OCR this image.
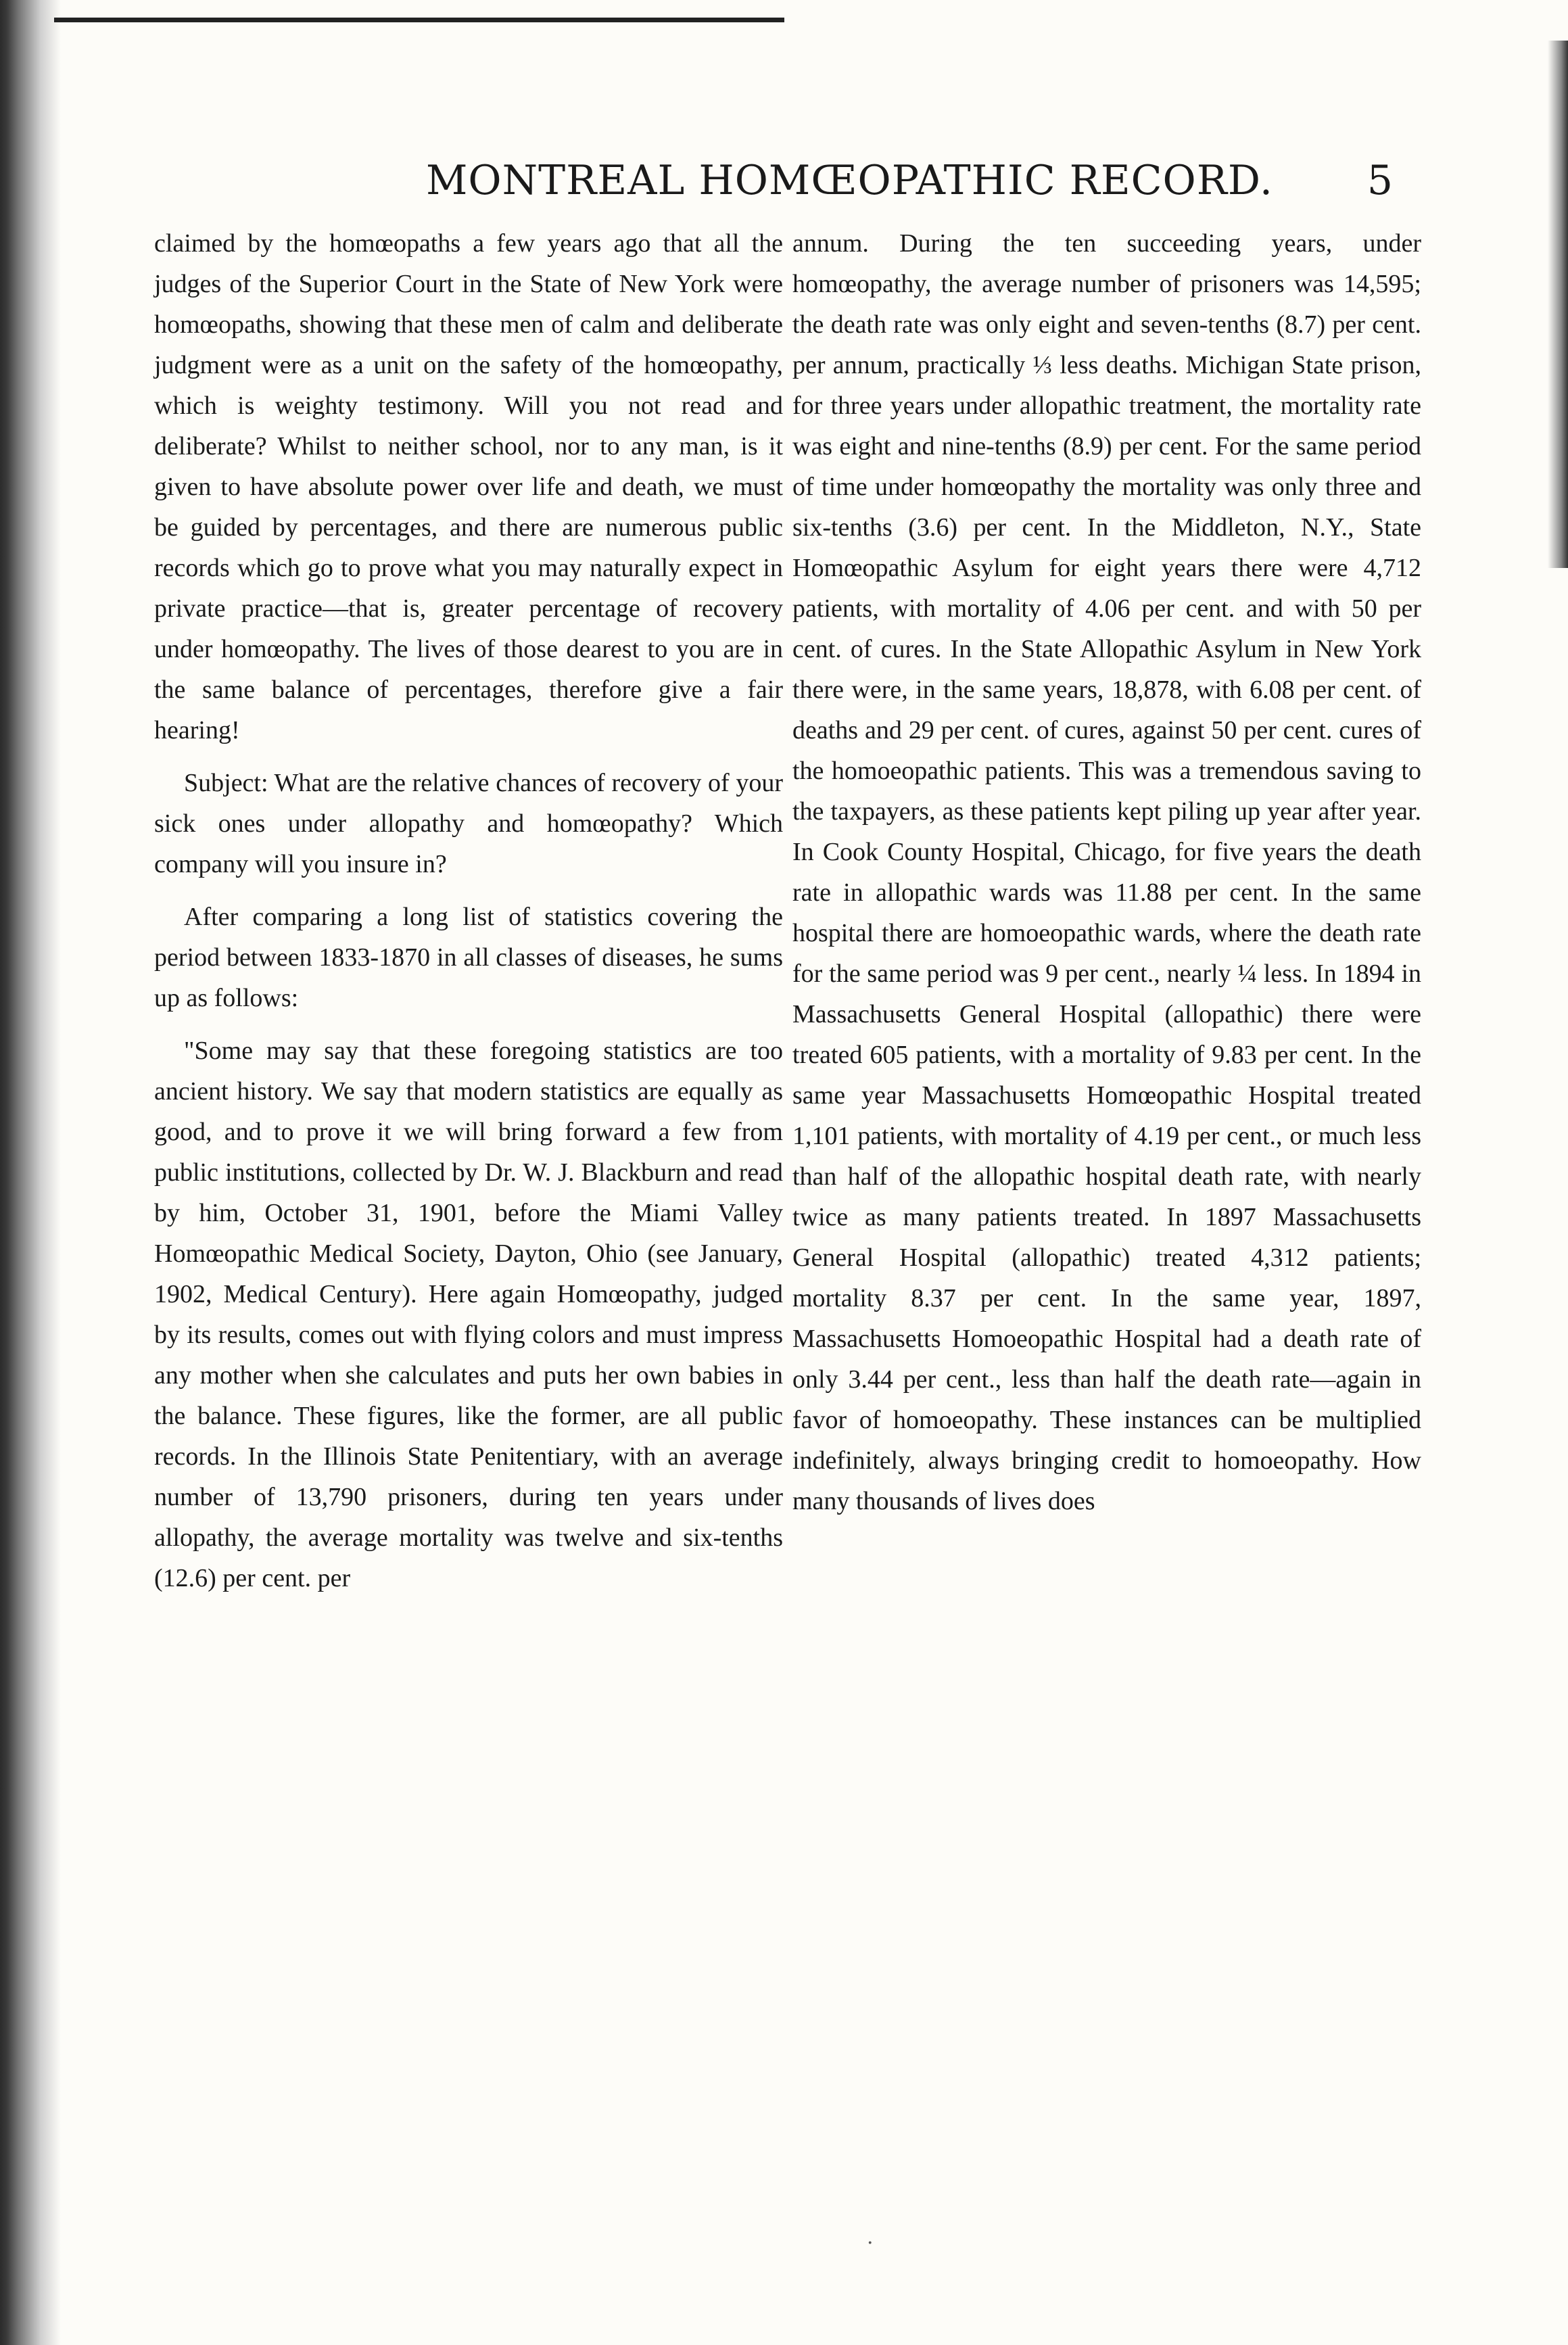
MONTREAL HOMŒOPATHIC RECORD. 5

claimed by the homœopaths a few years ago that all the judges of the Superior Court in the State of New York were homœopaths, showing that these men of calm and deliberate judgment were as a unit on the safety of the homœopathy, which is weighty testimony. Will you not read and deliberate? Whilst to neither school, nor to any man, is it given to have absolute power over life and death, we must be guided by percentages, and there are numerous public records which go to prove what you may naturally expect in private practice—that is, greater percentage of recovery under homœopathy. The lives of those dearest to you are in the same balance of percentages, therefore give a fair hearing!

Subject: What are the relative chances of recovery of your sick ones under allopathy and homœopathy? Which company will you insure in?

After comparing a long list of statistics covering the period between 1833-1870 in all classes of diseases, he sums up as follows:

"Some may say that these foregoing statistics are too ancient history. We say that modern statistics are equally as good, and to prove it we will bring forward a few from public institutions, collected by Dr. W. J. Blackburn and read by him, October 31, 1901, before the Miami Valley Homœopathic Medical Society, Dayton, Ohio (see January, 1902, Medical Century). Here again Homœopathy, judged by its results, comes out with flying colors and must impress any mother when she calculates and puts her own babies in the balance. These figures, like the former, are all public records. In the Illinois State Penitentiary, with an average number of 13,790 prisoners, during ten years under allopathy, the average mortality was twelve and six-tenths (12.6) per cent. per

annum. During the ten succeeding years, under homœopathy, the average number of prisoners was 14,595; the death rate was only eight and seven-tenths (8.7) per cent. per annum, practically ⅓ less deaths. Michigan State prison, for three years under allopathic treatment, the mortality rate was eight and nine-tenths (8.9) per cent. For the same period of time under homœopathy the mortality was only three and six-tenths (3.6) per cent. In the Middleton, N.Y., State Homœopathic Asylum for eight years there were 4,712 patients, with mortality of 4.06 per cent. and with 50 per cent. of cures. In the State Allopathic Asylum in New York there were, in the same years, 18,878, with 6.08 per cent. of deaths and 29 per cent. of cures, against 50 per cent. cures of the homoeopathic patients. This was a tremendous saving to the taxpayers, as these patients kept piling up year after year. In Cook County Hospital, Chicago, for five years the death rate in allopathic wards was 11.88 per cent. In the same hospital there are homoeopathic wards, where the death rate for the same period was 9 per cent., nearly ¼ less. In 1894 in Massachusetts General Hospital (allopathic) there were treated 605 patients, with a mortality of 9.83 per cent. In the same year Massachusetts Homœopathic Hospital treated 1,101 patients, with mortality of 4.19 per cent., or much less than half of the allopathic hospital death rate, with nearly twice as many patients treated. In 1897 Massachusetts General Hospital (allopathic) treated 4,312 patients; mortality 8.37 per cent. In the same year, 1897, Massachusetts Homoeopathic Hospital had a death rate of only 3.44 per cent., less than half the death rate—again in favor of homoeopathy. These instances can be multiplied indefinitely, always bringing credit to homoeopathy. How many thousands of lives does

·
